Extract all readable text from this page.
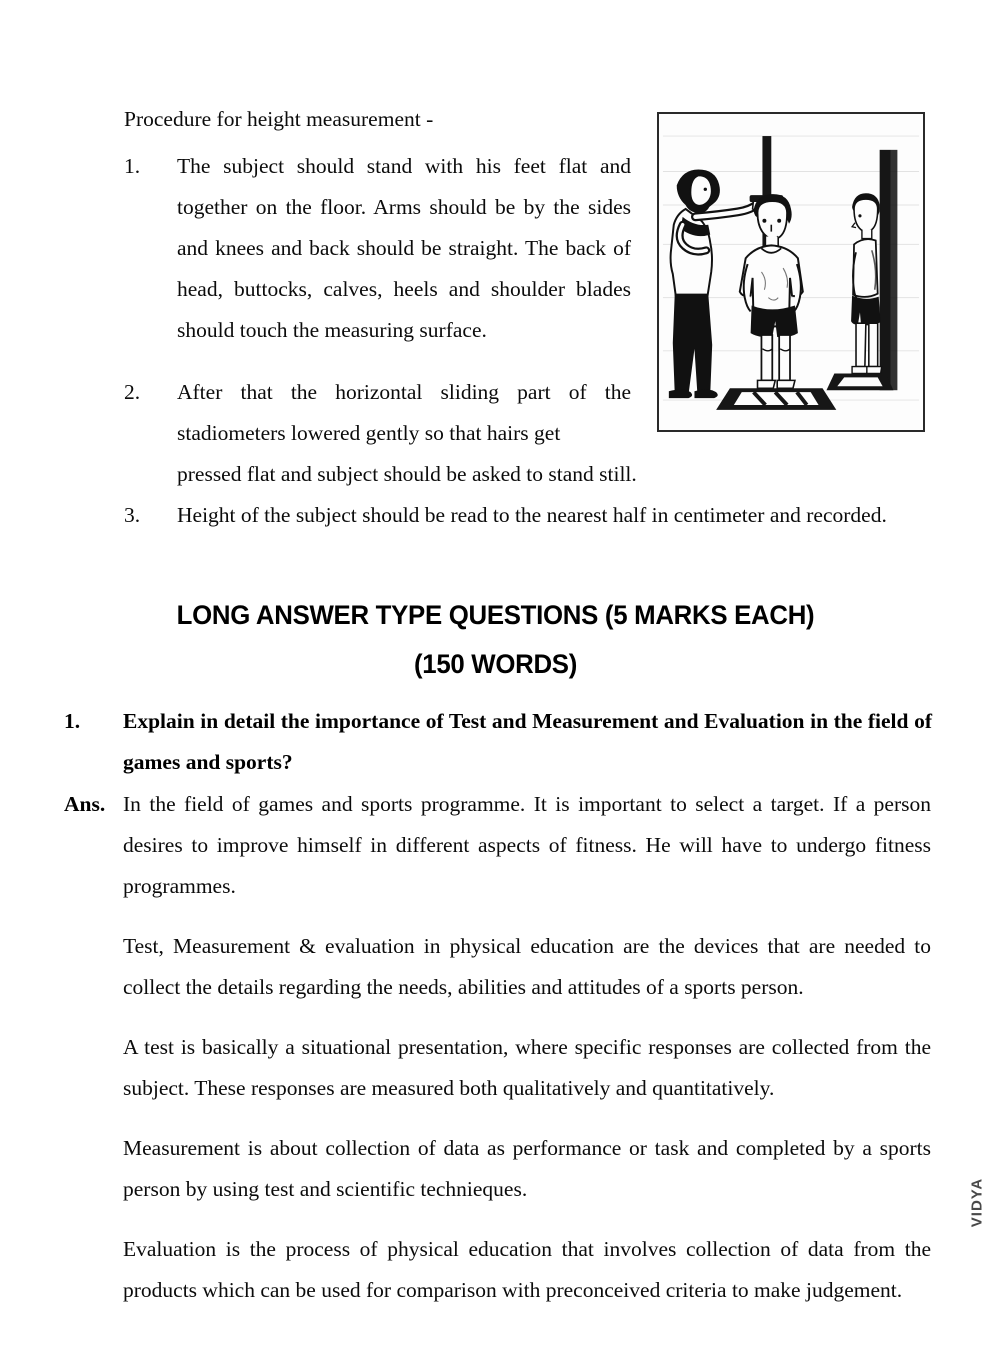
Procedure for height measurement -
1.	The subject should stand with his feet flat and together on the floor. Arms should be by the sides and knees and back should be straight. The back of head, buttocks, calves, heels and shoulder blades should touch the measuring surface.
2.	After that the horizontal sliding part of the stadiometers lowered gently so that hairs get
pressed flat and subject should be asked to stand still.
3.	Height of the subject should be read to the nearest half in centimeter and recorded.
LONG ANSWER TYPE QUESTIONS (5 MARKS EACH)
(150 WORDS)
1.	Explain in detail the importance of Test and Measurement and Evaluation in the field of games and sports?
Ans. In the field of games and sports programme. It is important to select a target. If a person desires to improve himself in different aspects of fitness. He will have to undergo fitness programmes.

Test, Measurement & evaluation in physical education are the devices that are needed to collect the details regarding the needs, abilities and attitudes of a sports person.

A test is basically a situational presentation, where specific responses are collected from the subject. These responses are measured both qualitatively and quantitatively.

Measurement is about collection of data as performance or task and completed by a sports person by using test and scientific technieques.

Evaluation is the process of physical education that involves collection of data from the products which can be used for comparison with preconceived criteria to make judgement.

VIDYA
